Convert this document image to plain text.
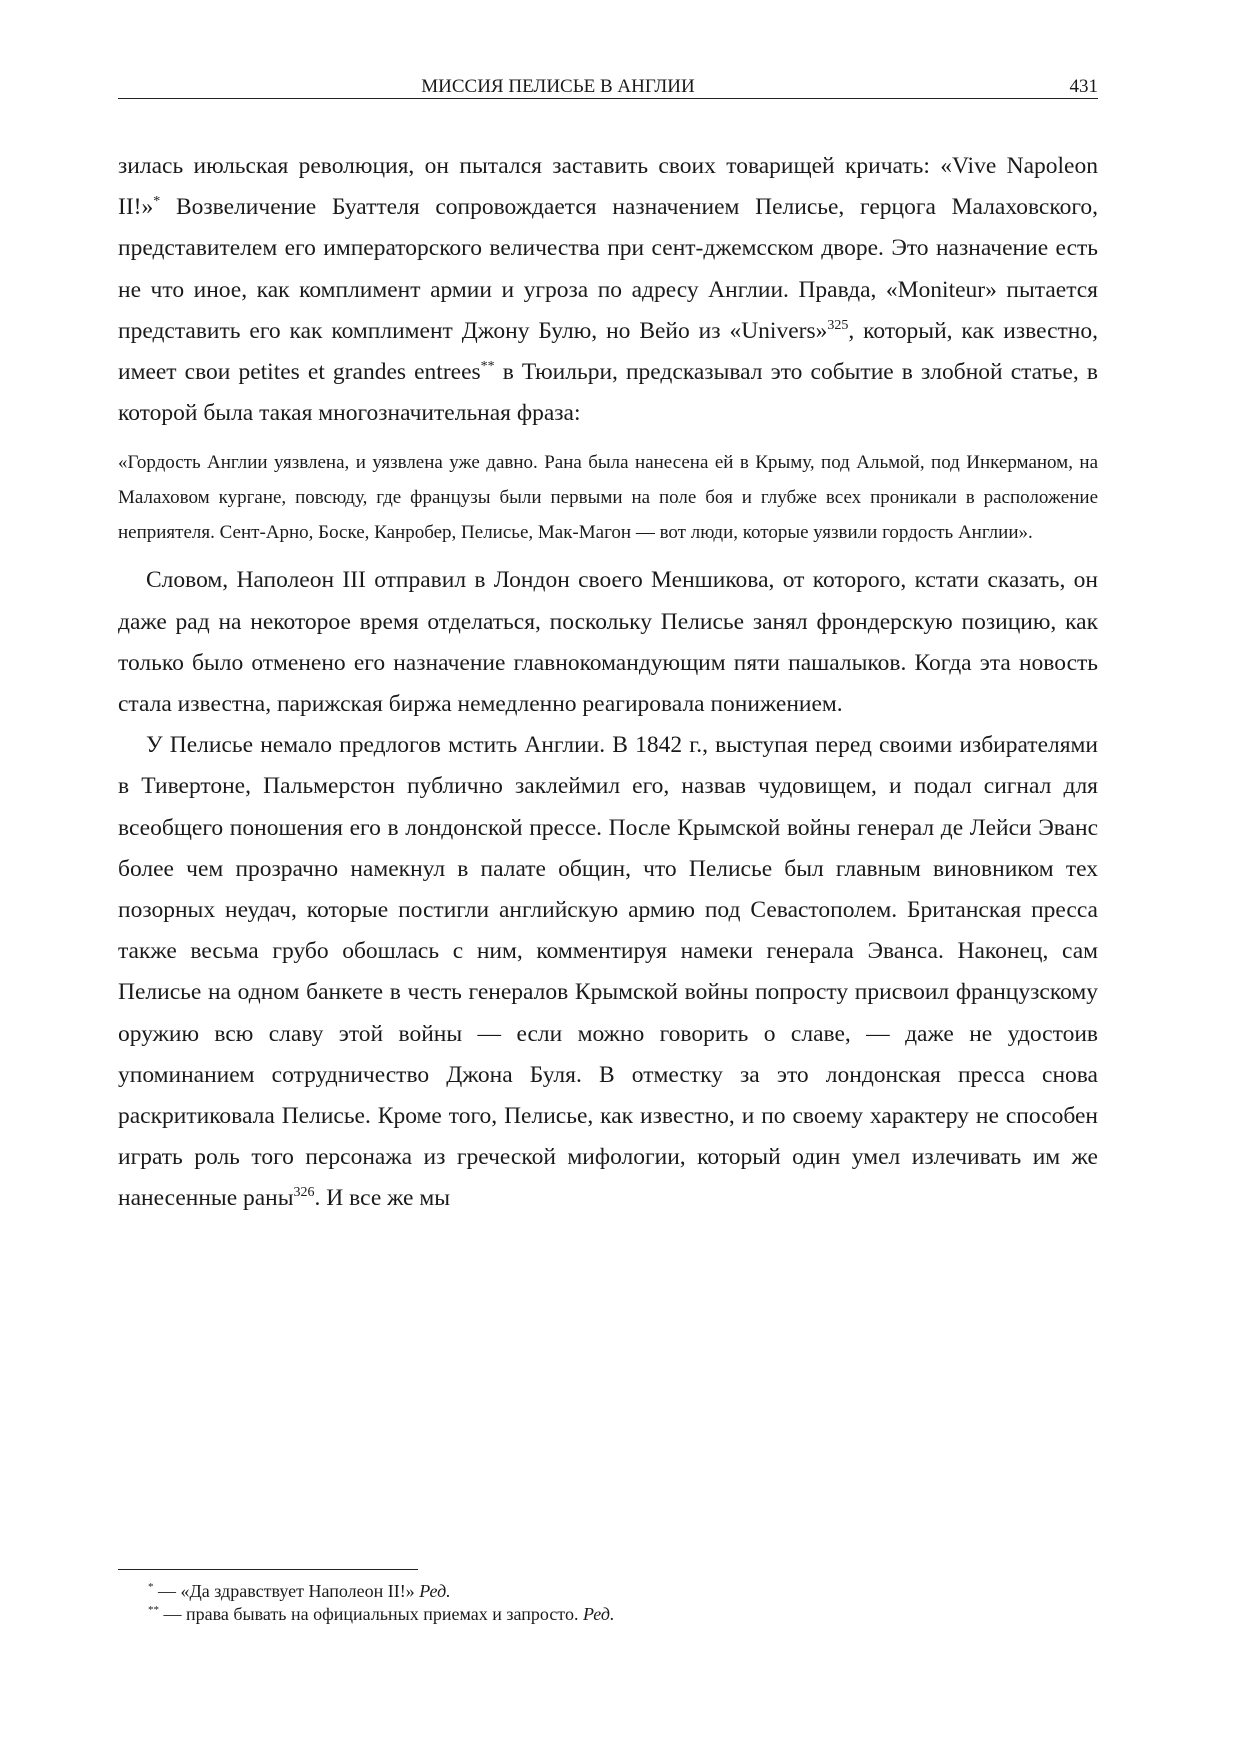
МИССИЯ ПЕЛИСЬЕ В АНГЛИИ	431

зилась июльская революция, он пытался заставить своих товарищей кричать: «Vive Napoleon II!»* Возвеличение Буаттеля сопровождается назначением Пелисье, герцога Малаховского, представителем его императорского величества при сент-джемсском дворе. Это назначение есть не что иное, как комплимент армии и угроза по адресу Англии. Правда, «Moniteur» пытается представить его как комплимент Джону Булю, но Вейо из «Univers»$^{325}$, который, как известно, имеет свои petites et grandes entrees** в Тюильри, предсказывал это событие в злобной статье, в которой была такая многозначительная фраза:

«Гордость Англии уязвлена, и уязвлена уже давно. Рана была нанесена ей в Крыму, под Альмой, под Инкерманом, на Малаховом кургане, повсюду, где французы были первыми на поле боя и глубже всех проникали в расположение неприятеля. Сент-Арно, Боске, Канробер, Пелисье, Мак-Магон — вот люди, которые уязвили гордость Англии».

Словом, Наполеон III отправил в Лондон своего Меншикова, от которого, кстати сказать, он даже рад на некоторое время отделаться, поскольку Пелисье занял фрондерскую позицию, как только было отменено его назначение главнокомандующим пяти пашалыков. Когда эта новость стала известна, парижская биржа немедленно реагировала понижением.

У Пелисье немало предлогов мстить Англии. В 1842 г., выступая перед своими избирателями в Тивертоне, Пальмерстон публично заклеймил его, назвав чудовищем, и подал сигнал для всеобщего поношения его в лондонской прессе. После Крымской войны генерал де Лейси Эванс более чем прозрачно намекнул в палате общин, что Пелисье был главным виновником тех позорных неудач, которые постигли английскую армию под Севастополем. Британская пресса также весьма грубо обошлась с ним, комментируя намеки генерала Эванса. Наконец, сам Пелисье на одном банкете в честь генералов Крымской войны попросту присвоил французскому оружию всю славу этой войны — если можно говорить о славе, — даже не удостоив упоминанием сотрудничество Джона Буля. В отместку за это лондонская пресса снова раскритиковала Пелисье. Кроме того, Пелисье, как известно, и по своему характеру не способен играть роль того персонажа из греческой мифологии, который один умел излечивать им же нанесенные раны$^{326}$. И все же мы

* — «Да здравствует Наполеон II!» Ред.

** — права бывать на официальных приемах и запросто. Ред.
